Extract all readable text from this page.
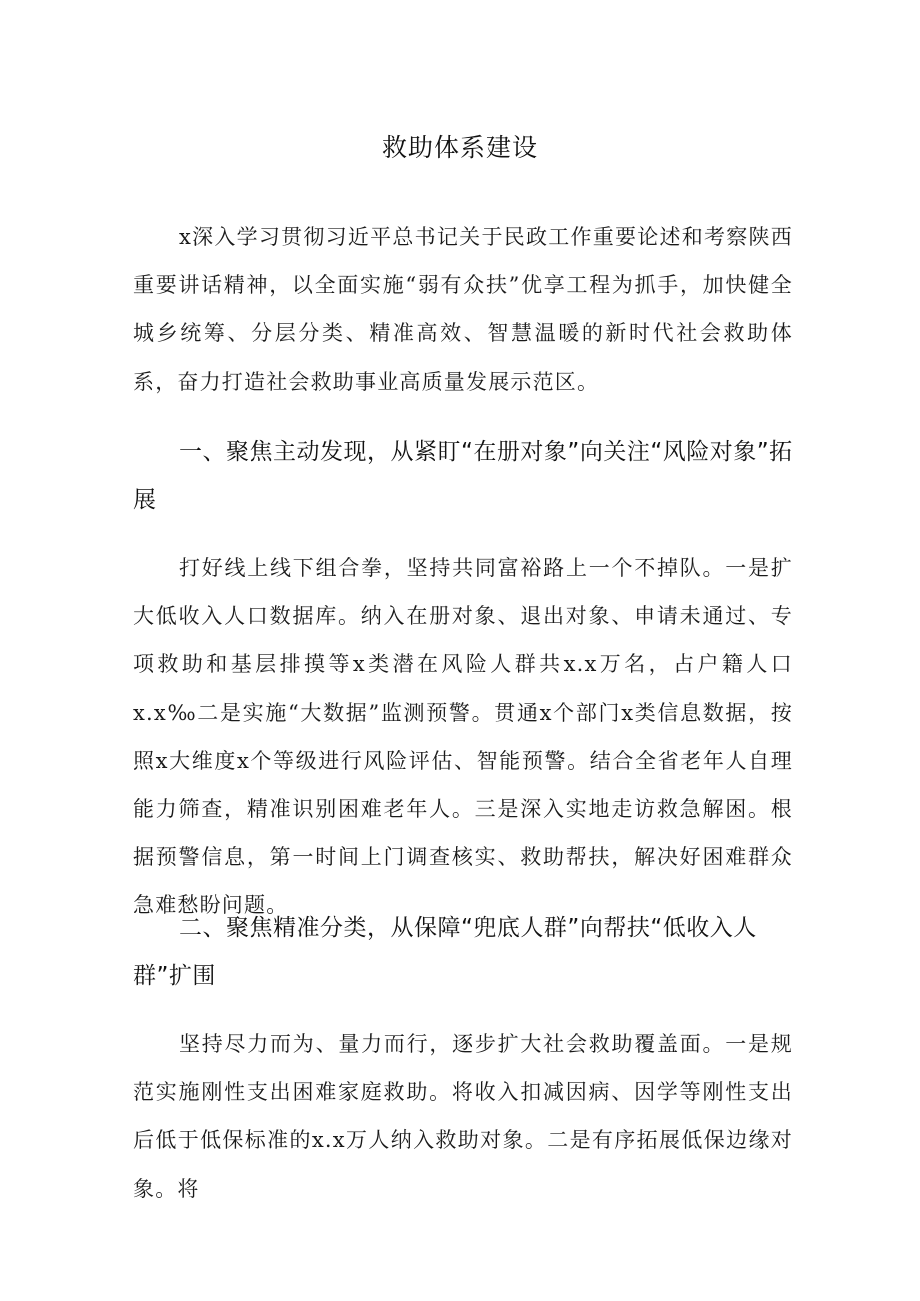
救助体系建设

x深入学习贯彻习近平总书记关于民政工作重要论述和考察陕西重要讲话精神，以全面实施“弱有众扶”优享工程为抓手，加快健全城乡统筹、分层分类、精准高效、智慧温暖的新时代社会救助体系，奋力打造社会救助事业高质量发展示范区。

一、聚焦主动发现，从紧盯“在册对象”向关注“风险对象”拓展

打好线上线下组合拳，坚持共同富裕路上一个不掉队。一是扩大低收入人口数据库。纳入在册对象、退出对象、申请未通过、专项救助和基层排摸等x类潜在风险人群共x.x万名，占户籍人口x.x‰二是实施“大数据”监测预警。贯通x个部门x类信息数据，按照x大维度x个等级进行风险评估、智能预警。结合全省老年人自理能力筛查，精准识别困难老年人。三是深入实地走访救急解困。根据预警信息，第一时间上门调查核实、救助帮扶，解决好困难群众急难愁盼问题。

二、聚焦精准分类，从保障“兜底人群”向帮扶“低收入人群”扩围

坚持尽力而为、量力而行，逐步扩大社会救助覆盖面。一是规范实施刚性支出困难家庭救助。将收入扣减因病、因学等刚性支出后低于低保标准的x.x万人纳入救助对象。二是有序拓展低保边缘对象。将
